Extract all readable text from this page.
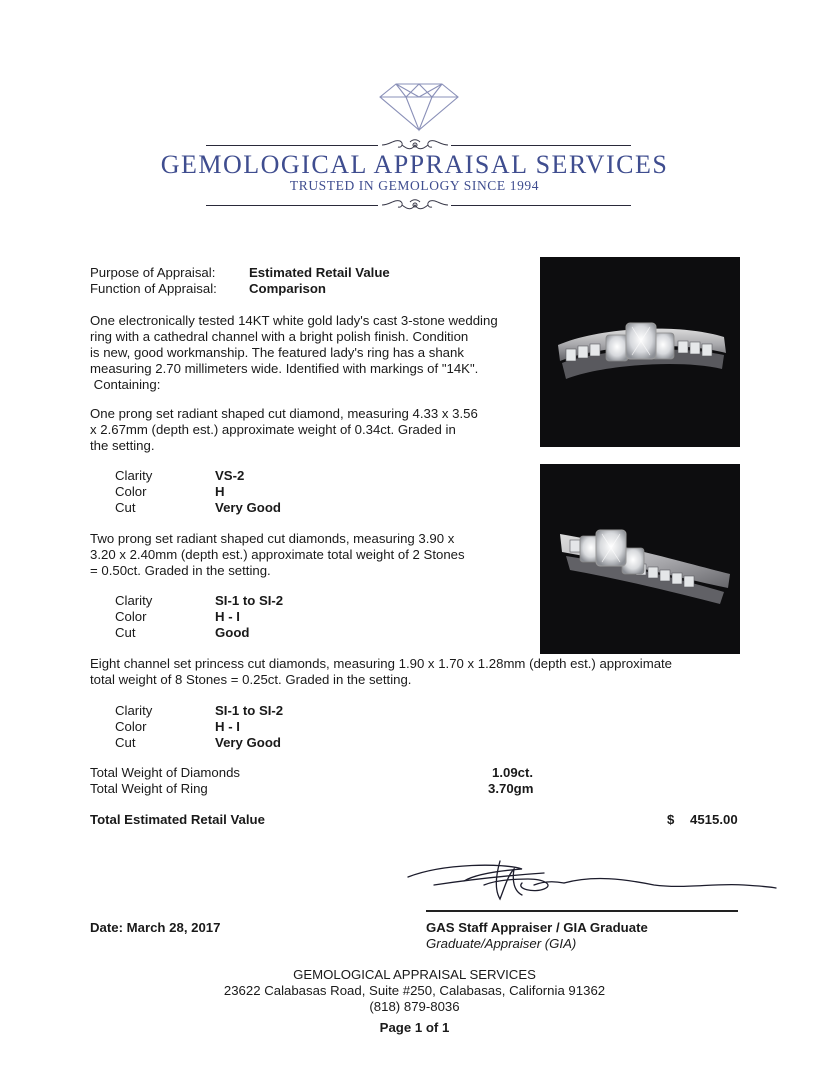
GEMOLOGICAL APPRAISAL SERVICES
TRUSTED IN GEMOLOGY SINCE 1994
Purpose of Appraisal:	Estimated Retail Value
Function of Appraisal: Comparison
One electronically tested 14KT white gold lady's cast 3-stone wedding
ring with a cathedral channel with a bright polish finish. Condition
is new, good workmanship. The featured lady's ring has a shank
measuring 2.70 millimeters wide. Identified with markings of "14K".
Containing:
One prong set radiant shaped cut diamond, measuring 4.33 x 3.56
x 2.67mm (depth est.) approximate weight of 0.34ct. Graded in
the setting.
Clarity	VS-2
Color	H
Cut	Very Good
Two prong set radiant shaped cut diamonds, measuring 3.90 x
3.20 x 2.40mm (depth est.) approximate total weight of 2 Stones
= 0.50ct. Graded in the setting.
Clarity	SI-1 to SI-2
Color	H - I
Cut	Good
Eight channel set princess cut diamonds, measuring 1.90 x 1.70 x 1.28mm (depth est.) approximate
total weight of 8 Stones = 0.25ct. Graded in the setting.
Clarity	SI-1 to SI-2
Color	H - I
Cut	Very Good
Total Weight of Diamonds	1.09ct.
Total Weight of Ring	3.70gm
Total Estimated Retail Value	$ 4515.00
Date: March 28, 2017	GAS Staff Appraiser / GIA Graduate
Graduate/Appraiser (GIA)
GEMOLOGICAL APPRAISAL SERVICES
23622 Calabasas Road, Suite #250, Calabasas, California 91362
(818) 879-8036
Page 1 of 1
